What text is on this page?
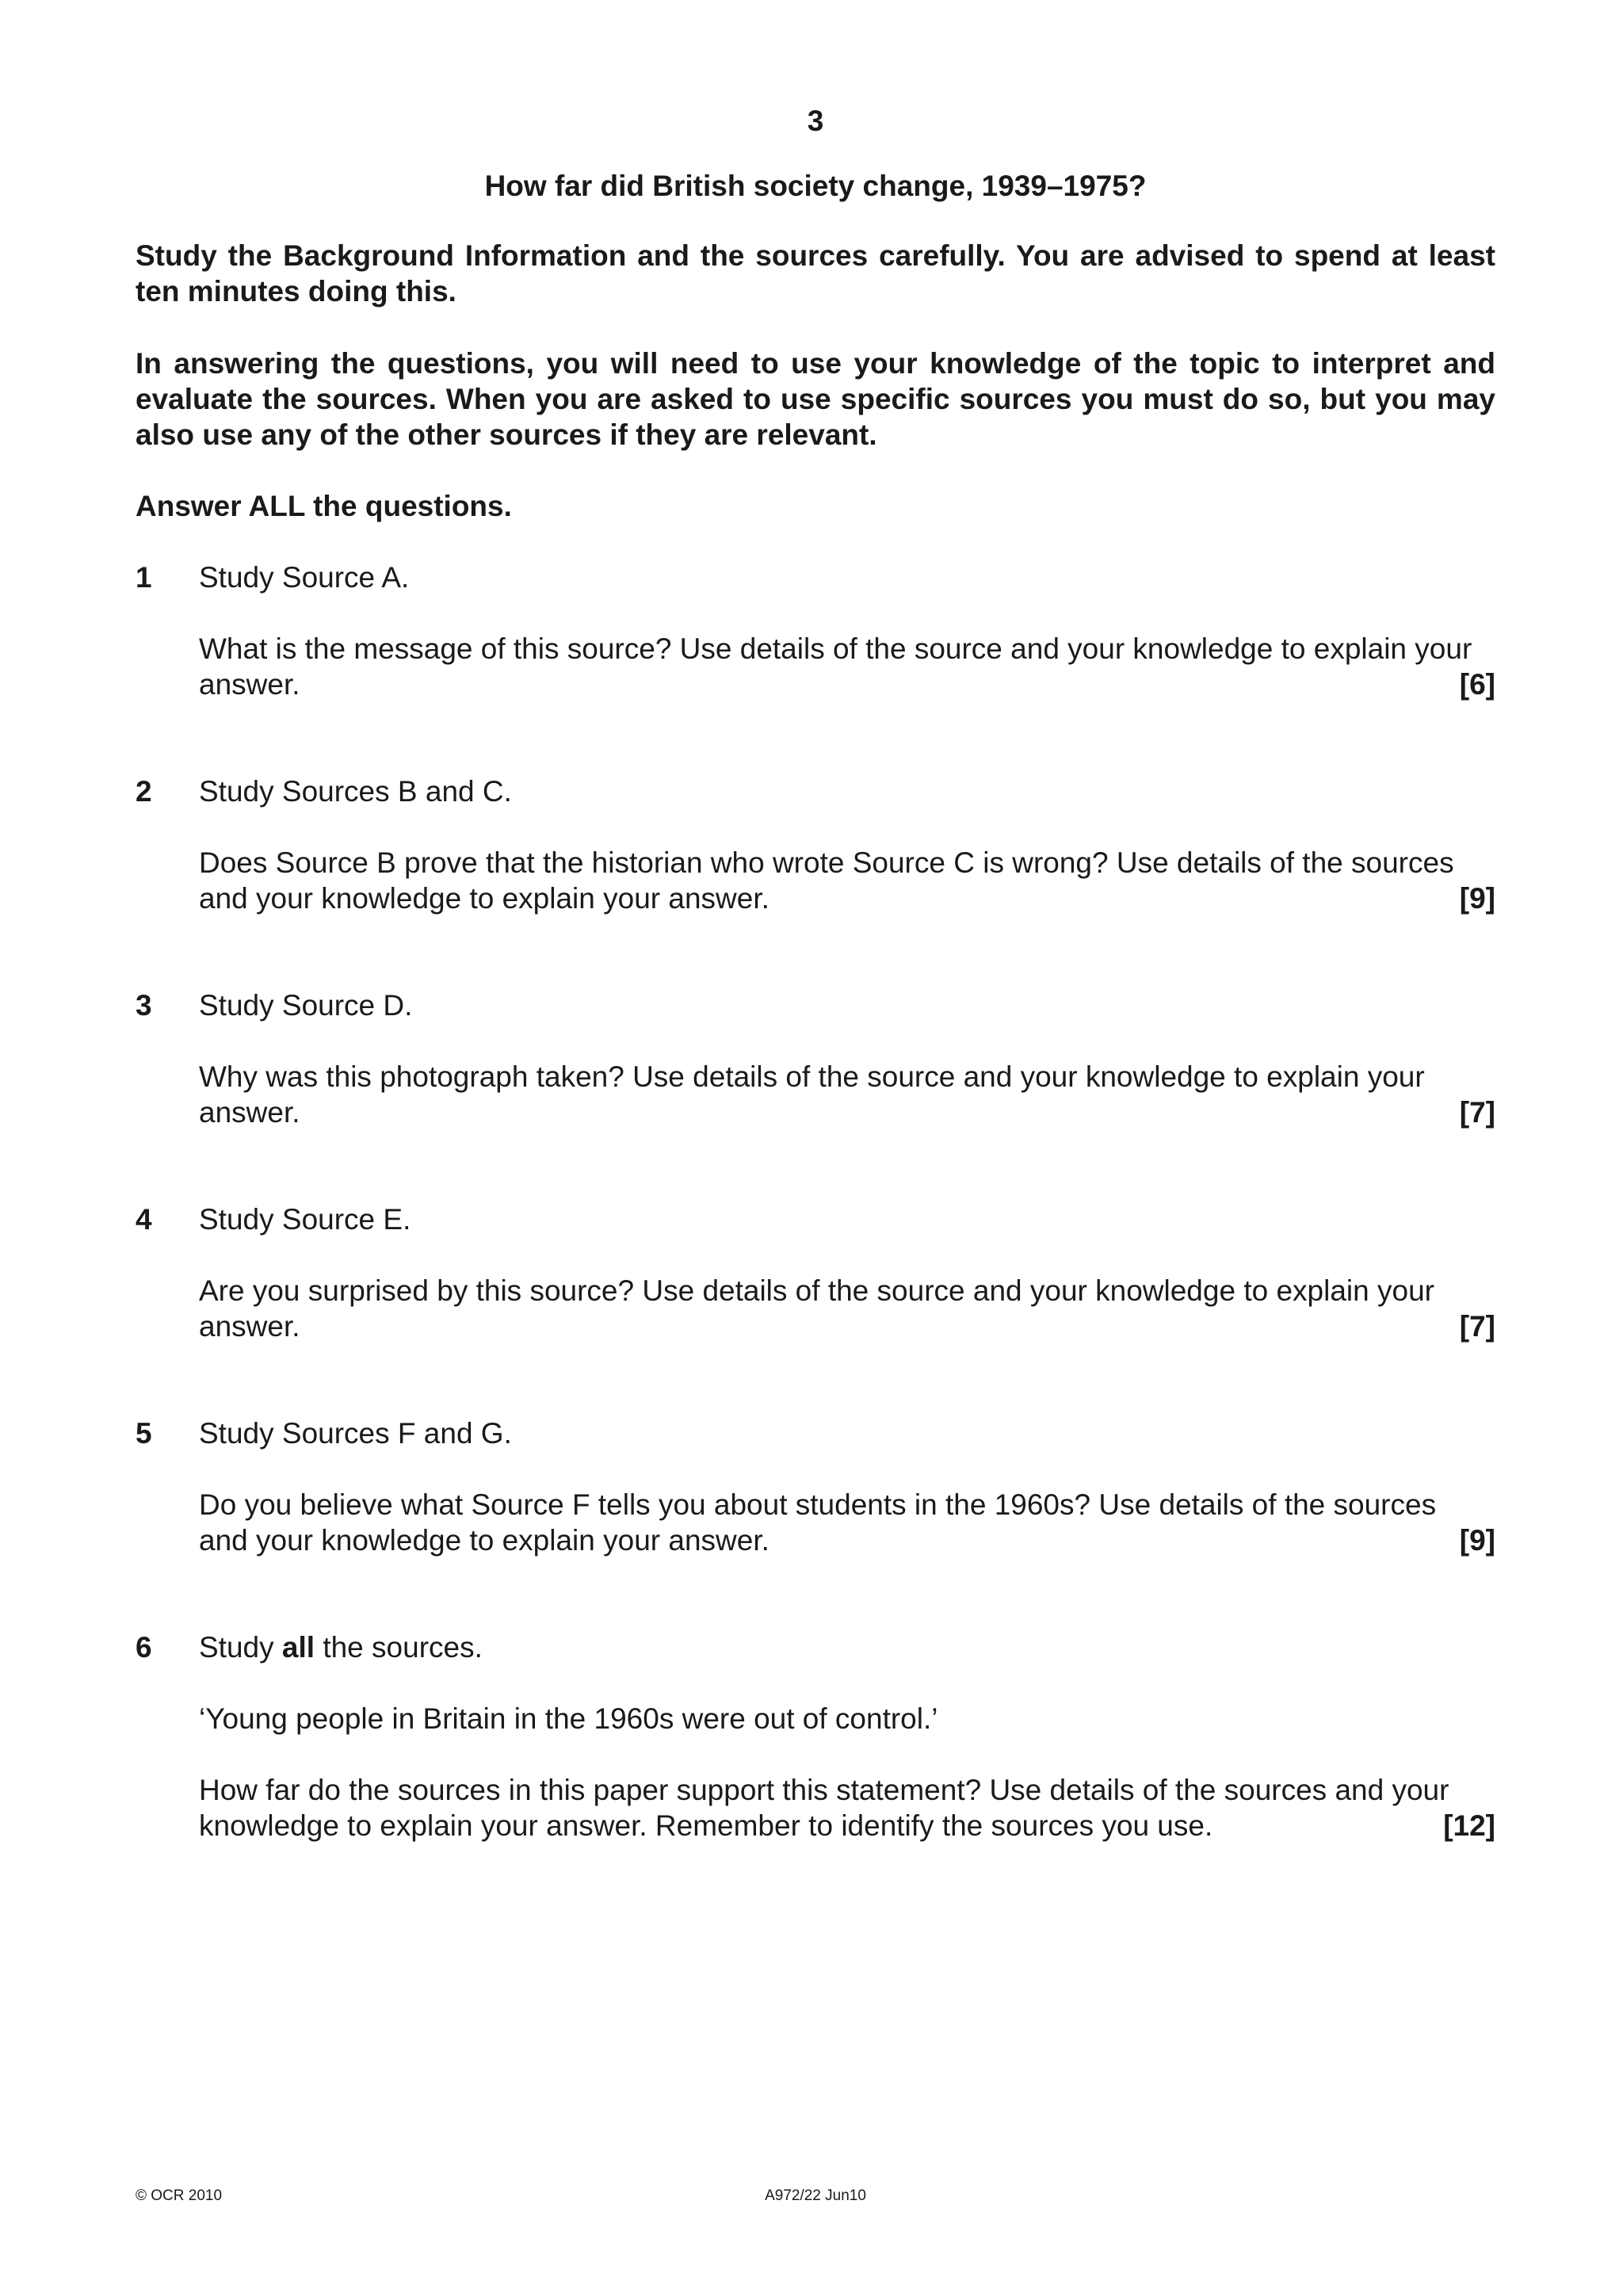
3
How far did British society change, 1939–1975?
Study the Background Information and the sources carefully. You are advised to spend at least ten minutes doing this.
In answering the questions, you will need to use your knowledge of the topic to interpret and evaluate the sources. When you are asked to use specific sources you must do so, but you may also use any of the other sources if they are relevant.
Answer ALL the questions.
1 Study Source A.
What is the message of this source? Use details of the source and your knowledge to explain your
answer.	[6]
2 Study Sources B and C.
Does Source B prove that the historian who wrote Source C is wrong? Use details of the sources
and your knowledge to explain your answer.	[9]
3 Study Source D.
Why was this photograph taken? Use details of the source and your knowledge to explain your
answer.	[7]
4 Study Source E.
Are you surprised by this source? Use details of the source and your knowledge to explain your
answer.	[7]
5 Study Sources F and G.
Do you believe what Source F tells you about students in the 1960s? Use details of the sources
and your knowledge to explain your answer.	[9]
6 Study all the sources.
‘Young people in Britain in the 1960s were out of control.’
How far do the sources in this paper support this statement? Use details of the sources and your
knowledge to explain your answer. Remember to identify the sources you use.	[12]
© OCR 2010	A972/22 Jun10
